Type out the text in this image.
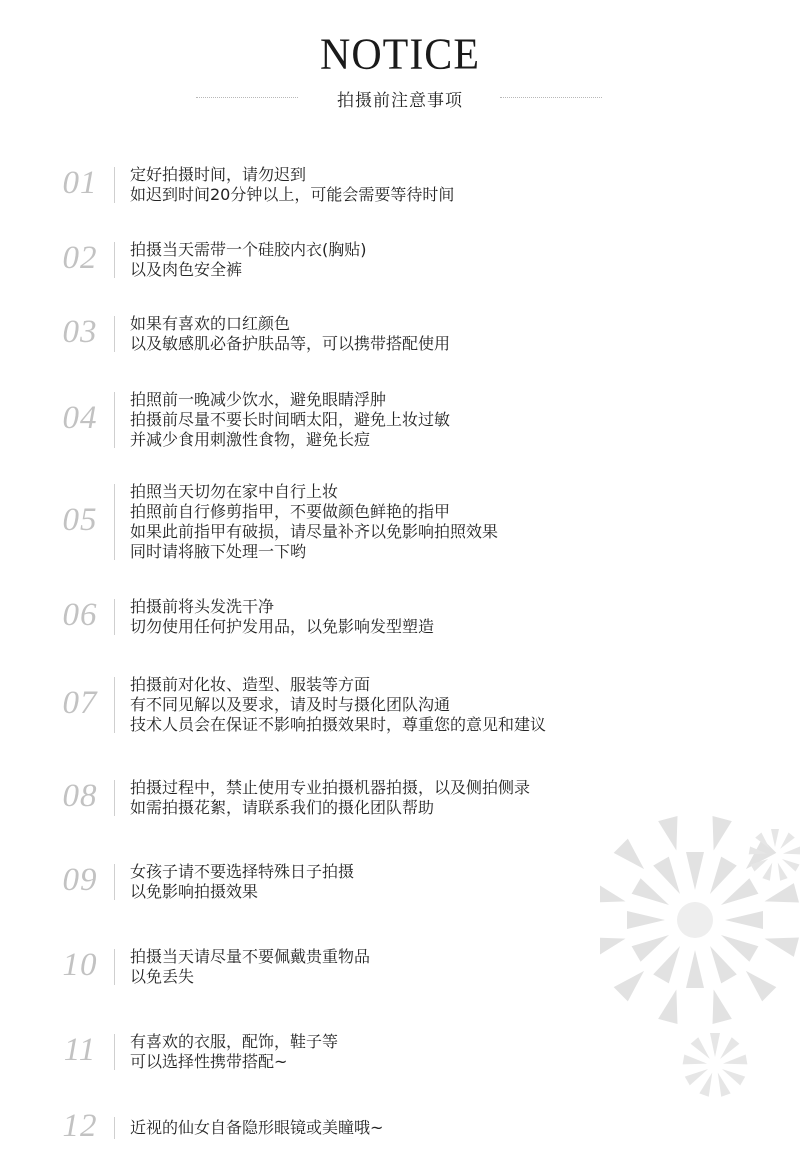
NOTICE
拍摄前注意事项
01	定好拍摄时间，请勿迟到
如迟到时间20分钟以上，可能会需要等待时间
02	拍摄当天需带一个硅胶内衣(胸贴)
以及肉色安全裤
03	如果有喜欢的口红颜色
以及敏感肌必备护肤品等，可以携带搭配使用
04
拍照前一晚减少饮水，避免眼睛浮肿
拍摄前尽量不要长时间晒太阳，避免上妆过敏
并减少食用刺激性食物，避免长痘
05
拍照当天切勿在家中自行上妆
拍照前自行修剪指甲，不要做颜色鲜艳的指甲
如果此前指甲有破损，请尽量补齐以免影响拍照效果
同时请将腋下处理一下哟
06	拍摄前将头发洗干净
切勿使用任何护发用品，以免影响发型塑造
07
拍摄前对化妆、造型、服装等方面
有不同见解以及要求，请及时与摄化团队沟通
技术人员会在保证不影响拍摄效果时，尊重您的意见和建议
08	拍摄过程中，禁止使用专业拍摄机器拍摄，以及侧拍侧录
如需拍摄花絮，请联系我们的摄化团队帮助
09	女孩子请不要选择特殊日子拍摄
以免影响拍摄效果
10	拍摄当天请尽量不要佩戴贵重物品
以免丢失
11	有喜欢的衣服，配饰，鞋子等
可以选择性携带搭配~
12	近视的仙女自备隐形眼镜或美瞳哦~
